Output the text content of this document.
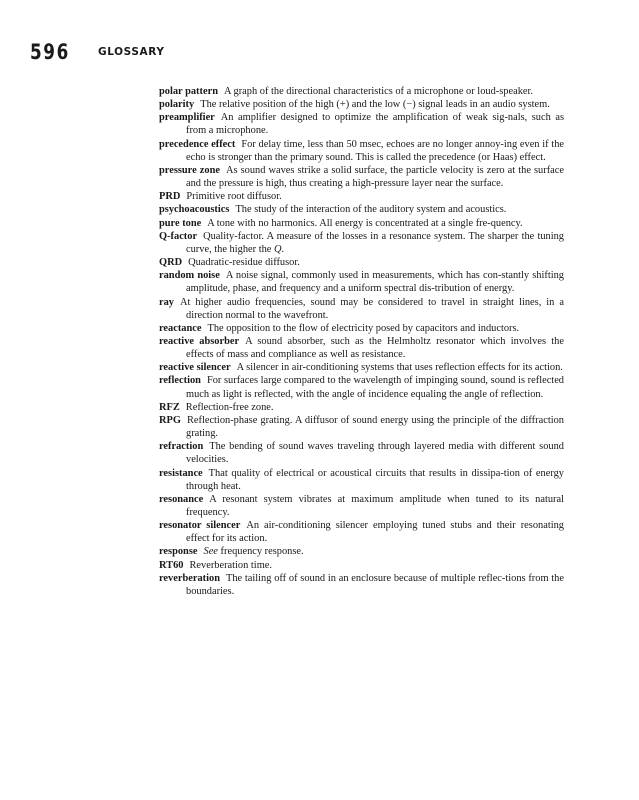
596	GLOSSARY

polar pattern A graph of the directional characteristics of a microphone or loud-speaker.

polarity The relative position of the high (+) and the low (−) signal leads in an audio system.

preamplifier An amplifier designed to optimize the amplification of weak sig-nals, such as from a microphone.

precedence effect For delay time, less than 50 msec, echoes are no longer annoy-ing even if the echo is stronger than the primary sound. This is called the precedence (or Haas) effect.

pressure zone As sound waves strike a solid surface, the particle velocity is zero at the surface and the pressure is high, thus creating a high-pressure layer near the surface.

PRD Primitive root diffusor.

psychoacoustics The study of the interaction of the auditory system and acoustics.

pure tone A tone with no harmonics. All energy is concentrated at a single fre-quency.

Q-factor Quality-factor. A measure of the losses in a resonance system. The sharper the tuning curve, the higher the Q.

QRD Quadratic-residue diffusor.

random noise A noise signal, commonly used in measurements, which has con-stantly shifting amplitude, phase, and frequency and a uniform spectral dis-tribution of energy.

ray At higher audio frequencies, sound may be considered to travel in straight lines, in a direction normal to the wavefront.

reactance The opposition to the flow of electricity posed by capacitors and inductors.

reactive absorber A sound absorber, such as the Helmholtz resonator which involves the effects of mass and compliance as well as resistance.

reactive silencer A silencer in air-conditioning systems that uses reflection effects for its action.

reflection For surfaces large compared to the wavelength of impinging sound, sound is reflected much as light is reflected, with the angle of incidence equaling the angle of reflection.

RFZ Reflection-free zone.

RPG Reflection-phase grating. A diffusor of sound energy using the principle of the diffraction grating.

refraction The bending of sound waves traveling through layered media with different sound velocities.

resistance That quality of electrical or acoustical circuits that results in dissipa-tion of energy through heat.

resonance A resonant system vibrates at maximum amplitude when tuned to its natural frequency.

resonator silencer An air-conditioning silencer employing tuned stubs and their resonating effect for its action.

response See frequency response.

RT60 Reverberation time.

reverberation The tailing off of sound in an enclosure because of multiple reflec-tions from the boundaries.
